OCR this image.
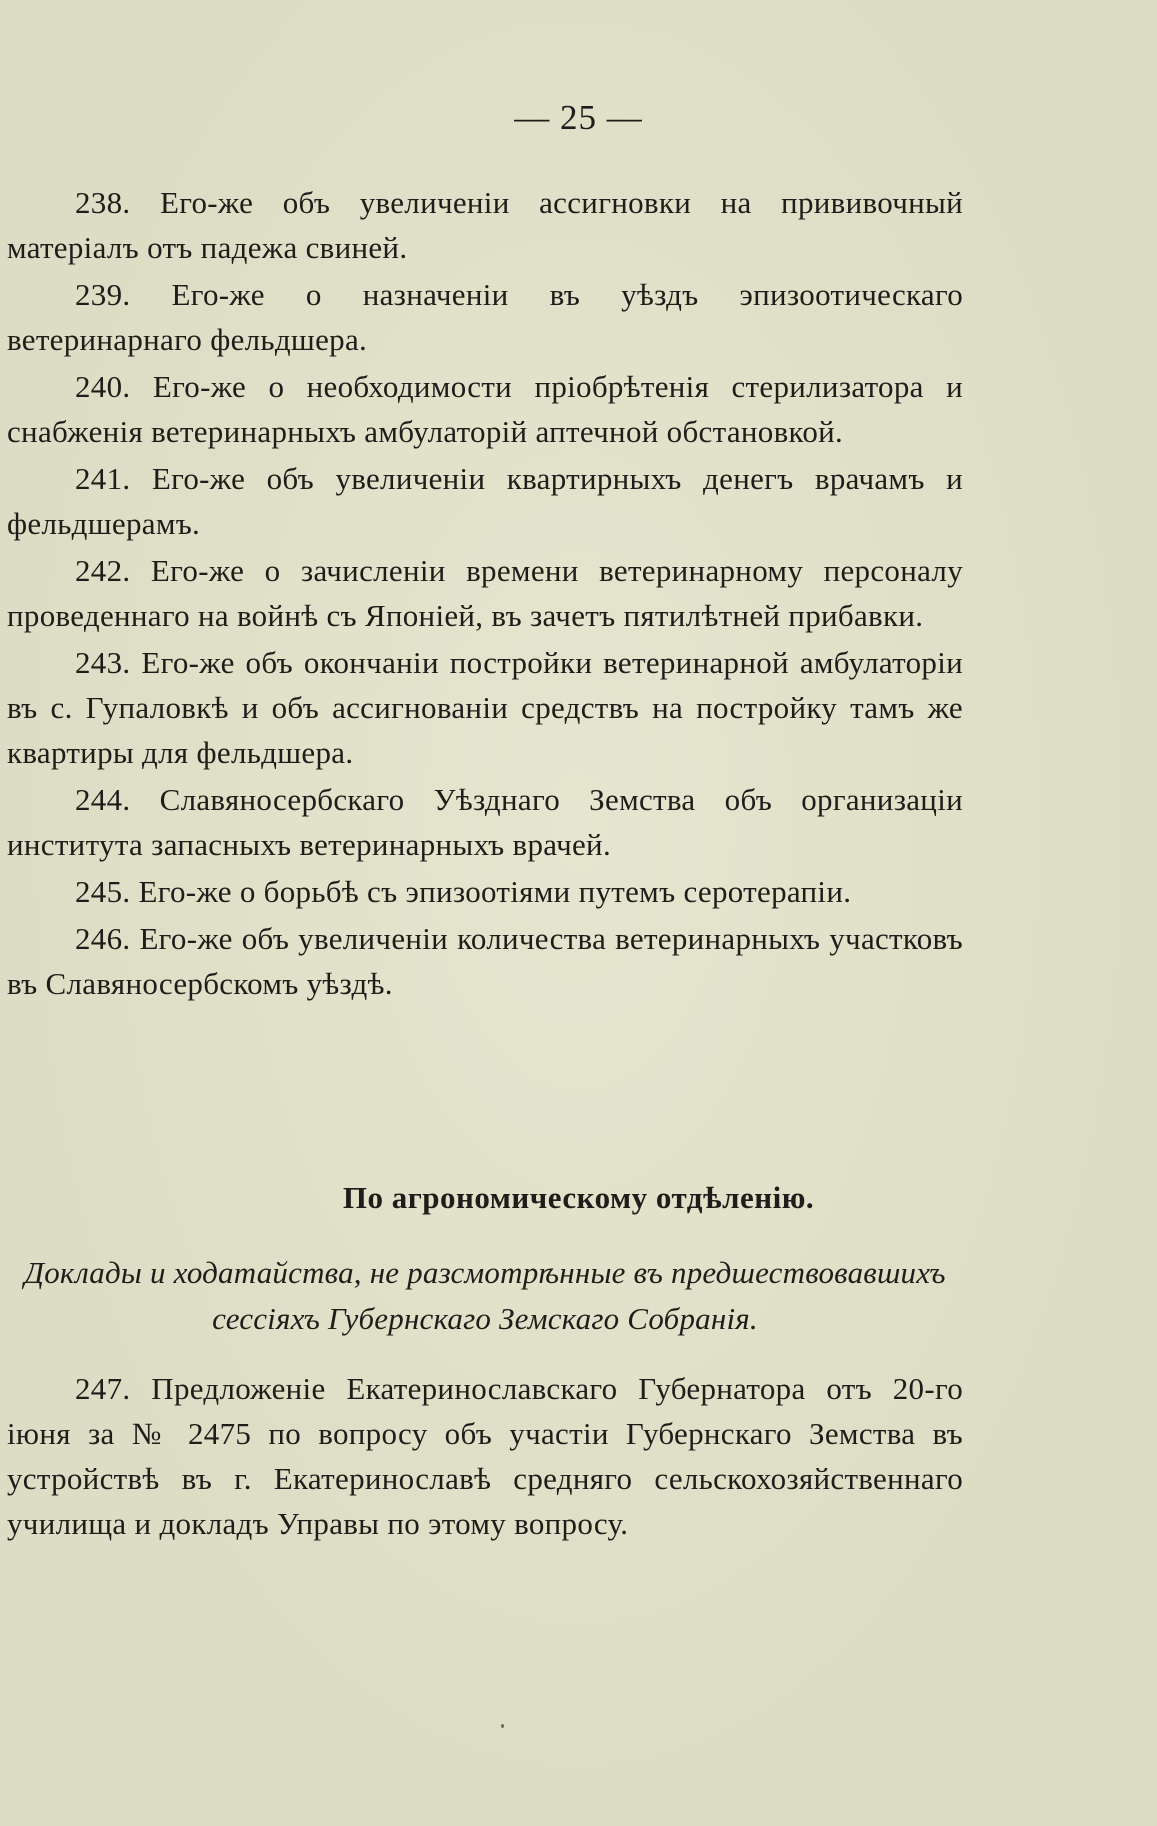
— 25 —

238. Его-же объ увеличеніи ассигновки на прививочный матеріалъ отъ падежа свиней.

239. Его-же о назначеніи въ уѣздъ эпизоотическаго ветеринарнаго фельдшера.

240. Его-же о необходимости пріобрѣтенія стерилизатора и снабженія ветеринарныхъ амбулаторій аптечной обстановкой.

241. Его-же объ увеличеніи квартирныхъ денегъ врачамъ и фельдшерамъ.

242. Его-же о зачисленіи времени ветеринарному персоналу проведеннаго на войнѣ съ Японіей, въ зачетъ пятилѣтней прибавки.

243. Его-же объ окончаніи постройки ветеринарной амбулаторіи въ с. Гупаловкѣ и объ ассигнованіи средствъ на постройку тамъ же квартиры для фельдшера.

244. Славяносербскаго Уѣзднаго Земства объ организаціи института запасныхъ ветеринарныхъ врачей.

245. Его-же о борьбѣ съ эпизоотіями путемъ серотерапіи.

246. Его-же объ увеличеніи количества ветеринарныхъ участковъ въ Славяносербскомъ уѣздѣ.

По агрономическому отдѣленію.
Доклады и ходатайства, не разсмотрѣнные въ предшествовавшихъ сессіяхъ Губернскаго Земскаго Собранія.

247. Предложеніе Екатеринославскаго Губернатора отъ 20-го іюня за № 2475 по вопросу объ участіи Губернскаго Земства въ устройствѣ въ г. Екатеринославѣ средняго сельскохозяйственнаго училища и докладъ Управы по этому вопросу.
